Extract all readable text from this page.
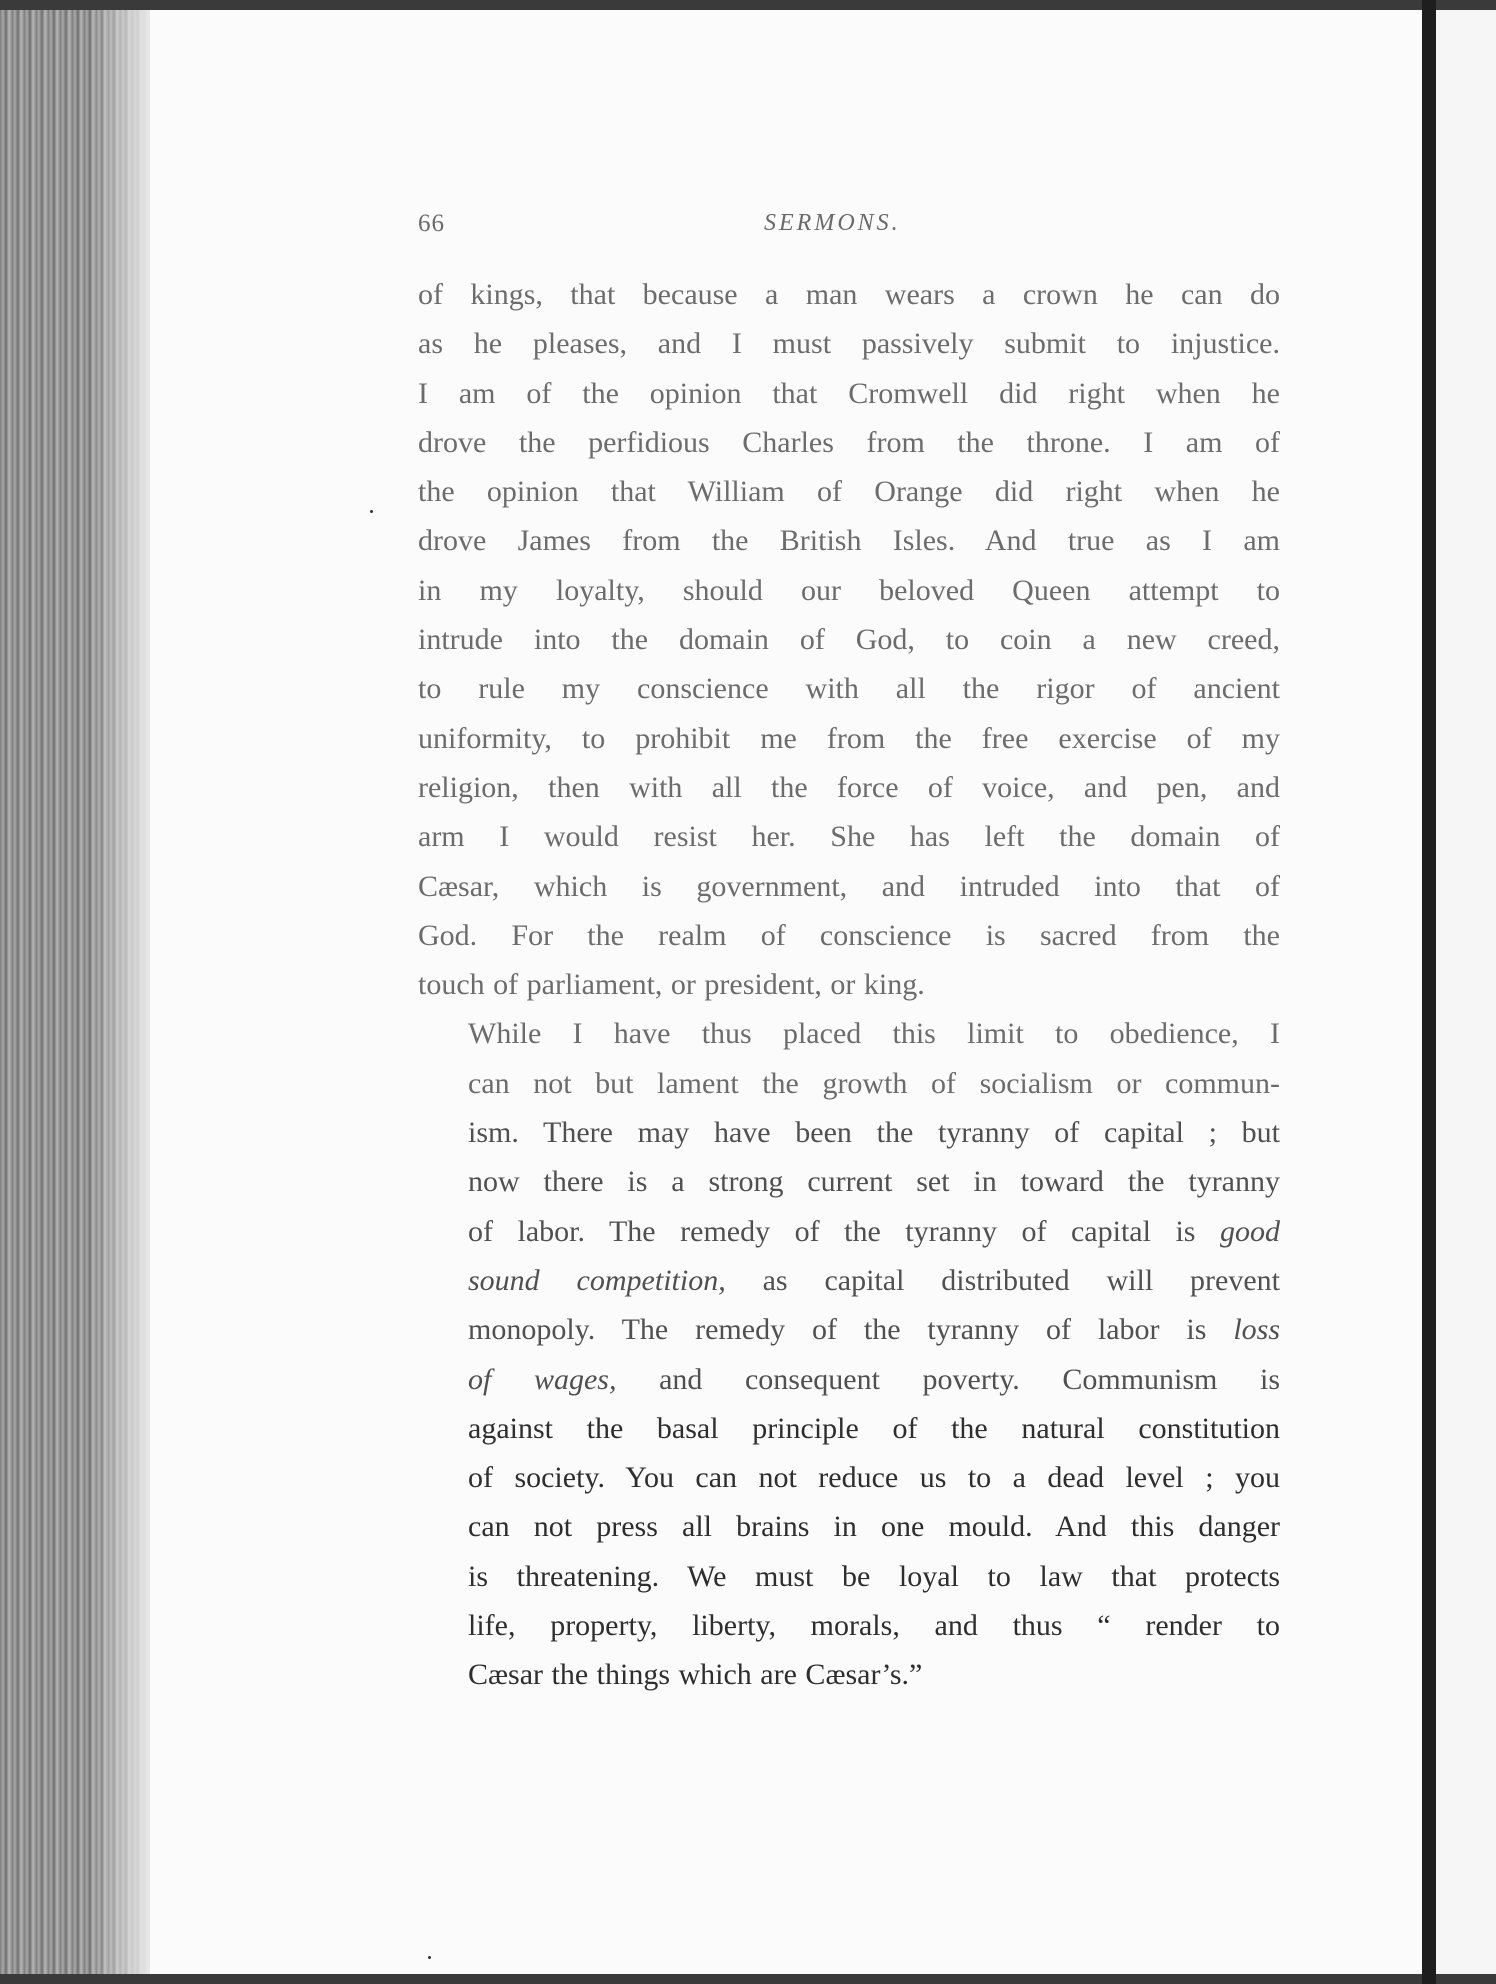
66	SERMONS.

of kings, that because a man wears a crown he can do
as he pleases, and I must passively submit to injustice.
I am of the opinion that Cromwell did right when he
drove the perfidious Charles from the throne. I am of
the opinion that William of Orange did right when he
drove James from the British Isles. And true as I am
in my loyalty, should our beloved Queen attempt to
intrude into the domain of God, to coin a new creed,
to rule my conscience with all the rigor of ancient
uniformity, to prohibit me from the free exercise of my
religion, then with all the force of voice, and pen, and
arm I would resist her. She has left the domain of
Cæsar, which is government, and intruded into that of
God. For the realm of conscience is sacred from the
touch of parliament, or president, or king.

While I have thus placed this limit to obedience, I
can not but lament the growth of socialism or commun-
ism. There may have been the tyranny of capital ; but
now there is a strong current set in toward the tyranny
of labor. The remedy of the tyranny of capital is good
sound competition, as capital distributed will prevent
monopoly. The remedy of the tyranny of labor is loss
of wages, and consequent poverty. Communism is
against the basal principle of the natural constitution
of society. You can not reduce us to a dead level ; you
can not press all brains in one mould. And this danger
is threatening. We must be loyal to law that protects
life, property, liberty, morals, and thus “ render to
Cæsar the things which are Cæsar’s.”
